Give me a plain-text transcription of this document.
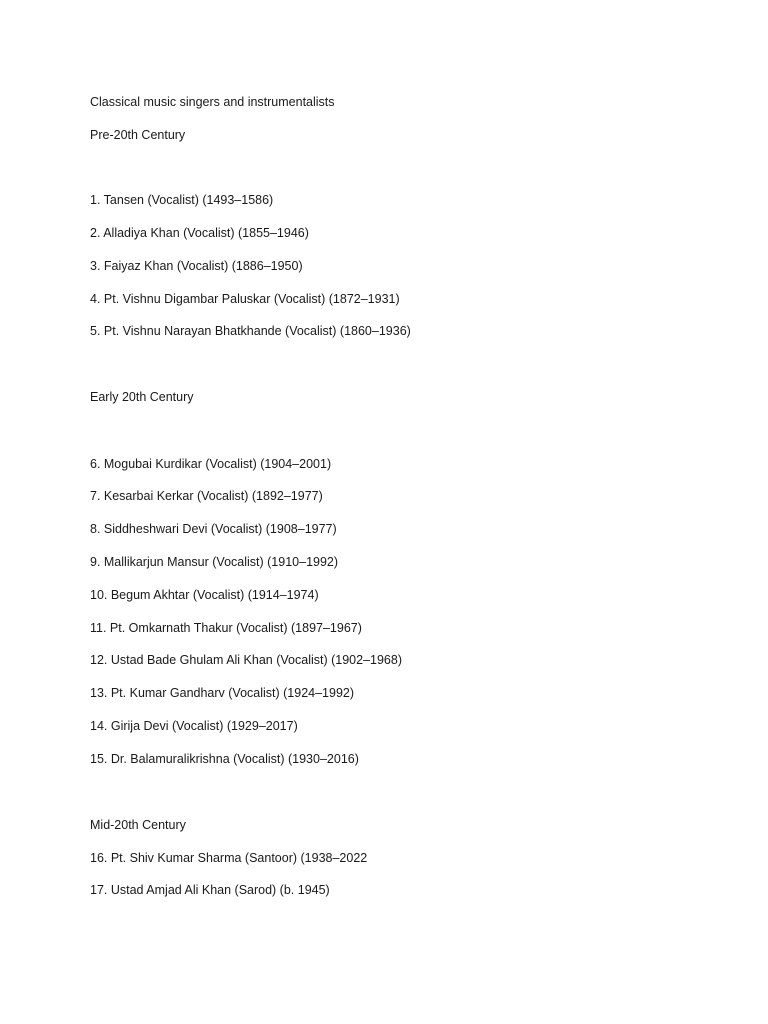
Classical music singers and instrumentalists
Pre-20th Century
1. Tansen (Vocalist) (1493–1586)
2. Alladiya Khan (Vocalist) (1855–1946)
3. Faiyaz Khan (Vocalist) (1886–1950)
4. Pt. Vishnu Digambar Paluskar (Vocalist) (1872–1931)
5. Pt. Vishnu Narayan Bhatkhande (Vocalist) (1860–1936)
Early 20th Century
6. Mogubai Kurdikar (Vocalist) (1904–2001)
7. Kesarbai Kerkar (Vocalist) (1892–1977)
8. Siddheshwari Devi (Vocalist) (1908–1977)
9. Mallikarjun Mansur (Vocalist) (1910–1992)
10. Begum Akhtar (Vocalist) (1914–1974)
11. Pt. Omkarnath Thakur (Vocalist) (1897–1967)
12. Ustad Bade Ghulam Ali Khan (Vocalist) (1902–1968)
13. Pt. Kumar Gandharv (Vocalist) (1924–1992)
14. Girija Devi (Vocalist) (1929–2017)
15. Dr. Balamuralikrishna (Vocalist) (1930–2016)
Mid-20th Century
16. Pt. Shiv Kumar Sharma (Santoor) (1938–2022
17. Ustad Amjad Ali Khan (Sarod) (b. 1945)
